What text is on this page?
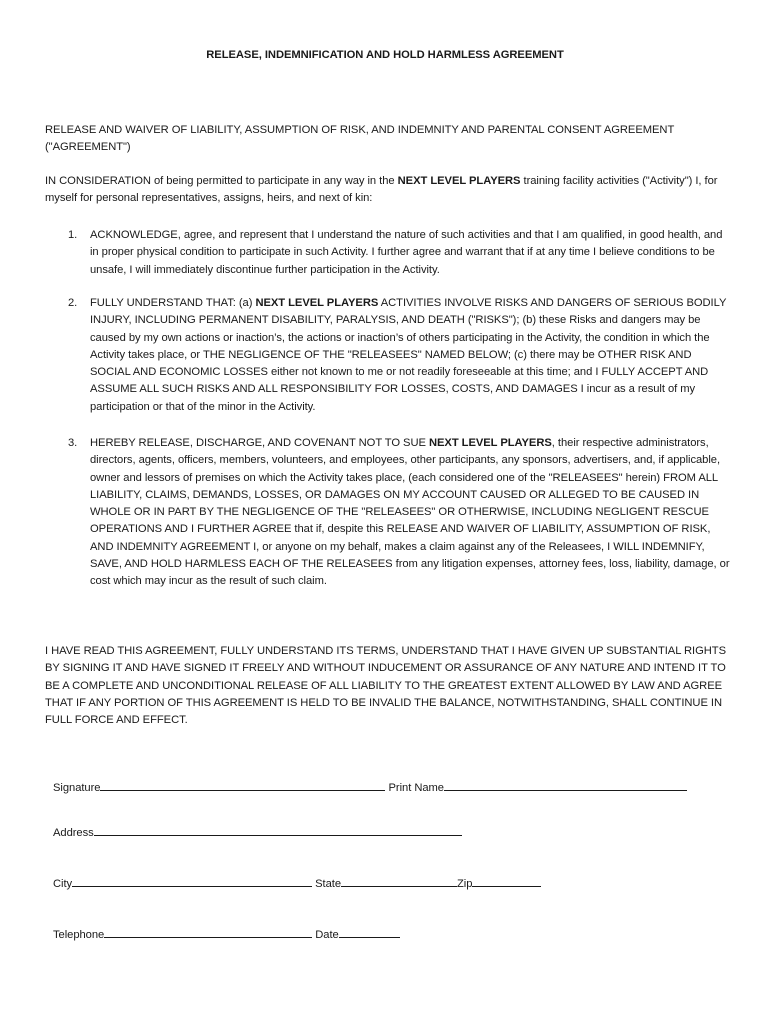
RELEASE, INDEMNIFICATION AND HOLD HARMLESS AGREEMENT
RELEASE AND WAIVER OF LIABILITY, ASSUMPTION OF RISK, AND INDEMNITY AND PARENTAL CONSENT AGREEMENT ("AGREEMENT")
IN CONSIDERATION of being permitted to participate in any way in the NEXT LEVEL PLAYERS training facility activities ("Activity") I, for myself for personal representatives, assigns, heirs, and next of kin:
1.	ACKNOWLEDGE, agree, and represent that I understand the nature of such activities and that I am qualified, in good health, and in proper physical condition to participate in such Activity. I further agree and warrant that if at any time I believe conditions to be unsafe, I will immediately discontinue further participation in the Activity.
2.	FULLY UNDERSTAND THAT: (a) NEXT LEVEL PLAYERS ACTIVITIES INVOLVE RISKS AND DANGERS OF SERIOUS BODILY INJURY, INCLUDING PERMANENT DISABILITY, PARALYSIS, AND DEATH ("RISKS"); (b) these Risks and dangers may be caused by my own actions or inaction’s, the actions or inaction’s of others participating in the Activity, the condition in which the Activity takes place, or THE NEGLIGENCE OF THE "RELEASEES" NAMED BELOW; (c) there may be OTHER RISK AND SOCIAL AND ECONOMIC LOSSES either not known to me or not readily foreseeable at this time; and I FULLY ACCEPT AND ASSUME ALL SUCH RISKS AND ALL RESPONSIBILITY FOR LOSSES, COSTS, AND DAMAGES I incur as a result of my participation or that of the minor in the Activity.
3.	HEREBY RELEASE, DISCHARGE, AND COVENANT NOT TO SUE NEXT LEVEL PLAYERS, their respective administrators, directors, agents, officers, members, volunteers, and employees, other participants, any sponsors, advertisers, and, if applicable, owner and lessors of premises on which the Activity takes place, (each considered one of the "RELEASEES" herein) FROM ALL LIABILITY, CLAIMS, DEMANDS, LOSSES, OR DAMAGES ON MY ACCOUNT CAUSED OR ALLEGED TO BE CAUSED IN WHOLE OR IN PART BY THE NEGLIGENCE OF THE "RELEASEES" OR OTHERWISE, INCLUDING NEGLIGENT RESCUE OPERATIONS AND I FURTHER AGREE that if, despite this RELEASE AND WAIVER OF LIABILITY, ASSUMPTION OF RISK, AND INDEMNITY AGREEMENT I, or anyone on my behalf, makes a claim against any of the Releasees, I WILL INDEMNIFY, SAVE, AND HOLD HARMLESS EACH OF THE RELEASEES from any litigation expenses, attorney fees, loss, liability, damage, or cost which may incur as the result of such claim.
I HAVE READ THIS AGREEMENT, FULLY UNDERSTAND ITS TERMS, UNDERSTAND THAT I HAVE GIVEN UP SUBSTANTIAL RIGHTS BY SIGNING IT AND HAVE SIGNED IT FREELY AND WITHOUT INDUCEMENT OR ASSURANCE OF ANY NATURE AND INTEND IT TO BE A COMPLETE AND UNCONDITIONAL RELEASE OF ALL LIABILITY TO THE GREATEST EXTENT ALLOWED BY LAW AND AGREE THAT IF ANY PORTION OF THIS AGREEMENT IS HELD TO BE INVALID THE BALANCE, NOTWITHSTANDING, SHALL CONTINUE IN FULL FORCE AND EFFECT.
Signature	Print Name
Address
City	State	Zip
Telephone	Date
